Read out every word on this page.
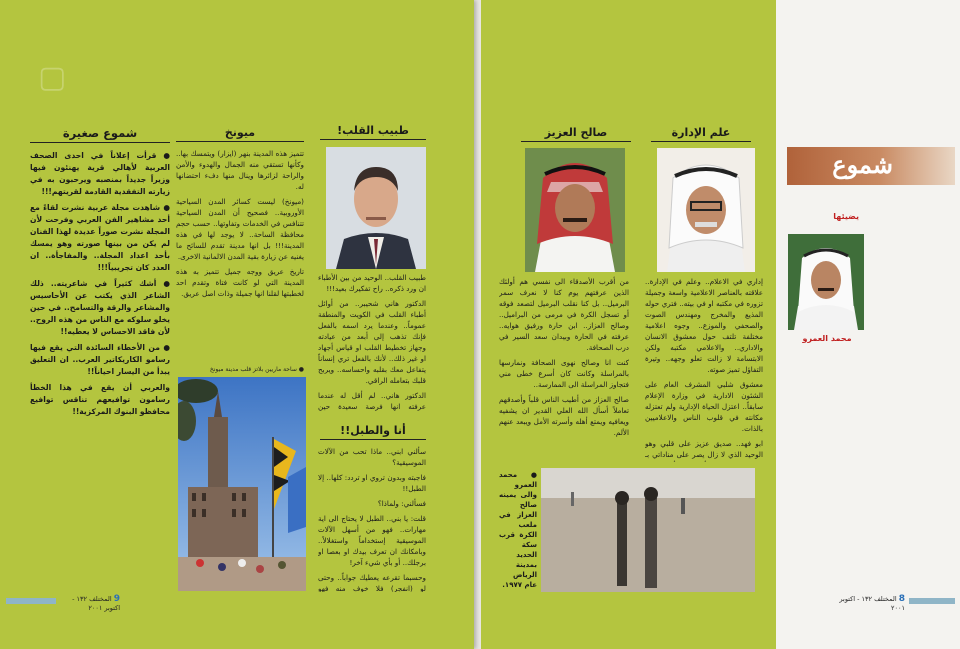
▢
شموع صغيرة

● قرأت إعلاناً في احدى الصحف العربية لأهالي قرية يهنئون فيها وزيراً جديداً بمنصبه ويرحبون به في زيارته التفقدية القادمة لقريتهم!!!

● شاهدت مجلة عربية نشرت لقاءً مع أحد مشاهير الفن العربي وفرحت لأن المجلة نشرت صوراً عديدة لهذا الفنان لم يكن من بينها صورته وهو يمسك بأحد اعداد المجلة.. والمفاجأة.. ان العدد كان تجريبياً!!!

● أشك كثيراً في شاعريته.. ذلك الشاعر الذي يكتب عن الأحاسيس والمشاعر والرقة والتسامح.. في حين يخلو سلوكه مع الناس من هذه الروح.. لأن فاقد الاحساس لا يعطيه!!

● من الأخطاء السائدة التي يقع فيها رسامو الكاريكاتير العرب.. ان التعليق يبدأ من اليسار احياناً!!

والعربي أن يقع في هذا الخطأ رسامون توافيعهم تناقس توافيع محافظو البنوك المركزية!!

ميونخ

تتميز هذه المدينة بنهر (ايزار) ويتمسك بها.. وكأنها تستقي منه الجمال والهدوء والأمن والراحة لزائرها وينال منها دفء احتضانها له.

(ميونخ) ليست كسائر المدن السياحية الأوروبية.. فصحيح أن المدن السياحية تتنافس في الخدمات وتفاوتها.. حسب حجم محافظة الساحة.. لا يوجد لها في هذه المدينة!!! بل انها مدينة تقدم للسائح ما يغنيه عن زيارة بقية المدن الالمانية الاخرى.

تاريخ عريق ووجه جميل تتميز به هذه المدينة التي لو كانت فتاة وتقدم احد لخطبتها لقلنا انها جميلة وذات اصل عريق.

● ساحة ماريين بلاتز قلب مدينة ميونخ
طبيب القلب!

طبيب القلب.. الوحيد من بين الأطباء ان ورد ذكره.. راح تفكيرك بعيد!!!

الدكتور هاني شحيبر.. من أوائل أطباء القلب في الكويت والمنطقة عموماً.. وعندما يرد اسمه بالفعل فإنك تذهب إلى أبعد من عيادته وجهاز تخطيط القلب او قياس أجهاد او غير ذلك.. لأنك بالفعل تري إنساناً يتفاعل معك بقلبه واحساسه.. ويربح قلبك بتعامله الراقي.

الدكتور هاني.. لم أقل له عندما عرفته انها فرصة سعيدة حين

أنا والطبل!!

سألني ابني.. ماذا تحب من الآلات الموسيقية؟

فاجبته وبدون تروي او تردد: كلها.. إلا الطبل!!

فسألني: ولماذا؟

قلت: يا بني.. الطبل لا يحتاج الى اية مهارات.. فهو من أسهل الآلات الموسيقية إستخداماً واستغلالاً.. وبامكانك ان تعرف بيدك او بعصا او برجلك.. أو بأي شيء آخر!

وحسبما تقرعه يعطيك جواباً.. وحتى لو (انفجر) فلا خوف منه فهو

9 المختلف ١٣٢ - اكتوبر ٢٠٠١
صالح العزيز

من أقرب الأصدقاء الى نفسي هم أولئك الذين عرفتهم يوم كنا لا نعرف سمر البرميل.. بل كنا نقلب البرميل لتصعد فوقه أو تسجل الكرة في مرمى من البراميل.. وصالح العزاز.. ابن حارة ورفيق هوايه.. عرفته في الحارة وبيدان سعد السير في درب الصحافة.

كنت انا وصالح نهوى الصحافة ونمارسها بالمراسلة وكانت كان أسرع خطى مني فتجاوز المراسلة الى الممارسة..

صالح العزاز من أطيب الناس قلباً وأصدقهم تعاملاً أسأل الله العلي القدير ان يشفيه ويعافيه ويمتع أهله وأسرته الأمل ويبعد عنهم الألم.

● محمد العمرو والى يمينه صالح العزاز في ملعب الكرة قرب سكة الحديد بمدينة الرياض عام ١٩٧٧.
علم الإدارة

إداري في الاعلام.. وعلم في الإدارة.. علاقته بالعناصر الاعلامية واسعة وجميلة تزوره في مكتبه او في بيته.. فتري حوله المذيع والمخرج ومهندس الصوت والصحفي والموزع.. وجوه اعلامية مختلفة تلتف حول معشوق الانسان والاداري.. والاعلامي مكتبه ولكن الابتسامة لا زالت تعلو وجهه.. وتيرة التفاؤل تميز صوته.

معشوق شلبي المشرف العام على الشئون الادارية في وزارة الإعلام سابقاً.. اعتزل الحياة الإدارية ولم تعتزله مكانته في قلوب الناس والاعلاميين بالذات.

ابو فهد.. صديق عزيز على قلبي وهو الوحيد الذي لا زال يصر على مناداتي بـ

شموع
يضيئها
محمد العمرو
8 المختلف ١٣٢ - اكتوبر ٢٠٠١
